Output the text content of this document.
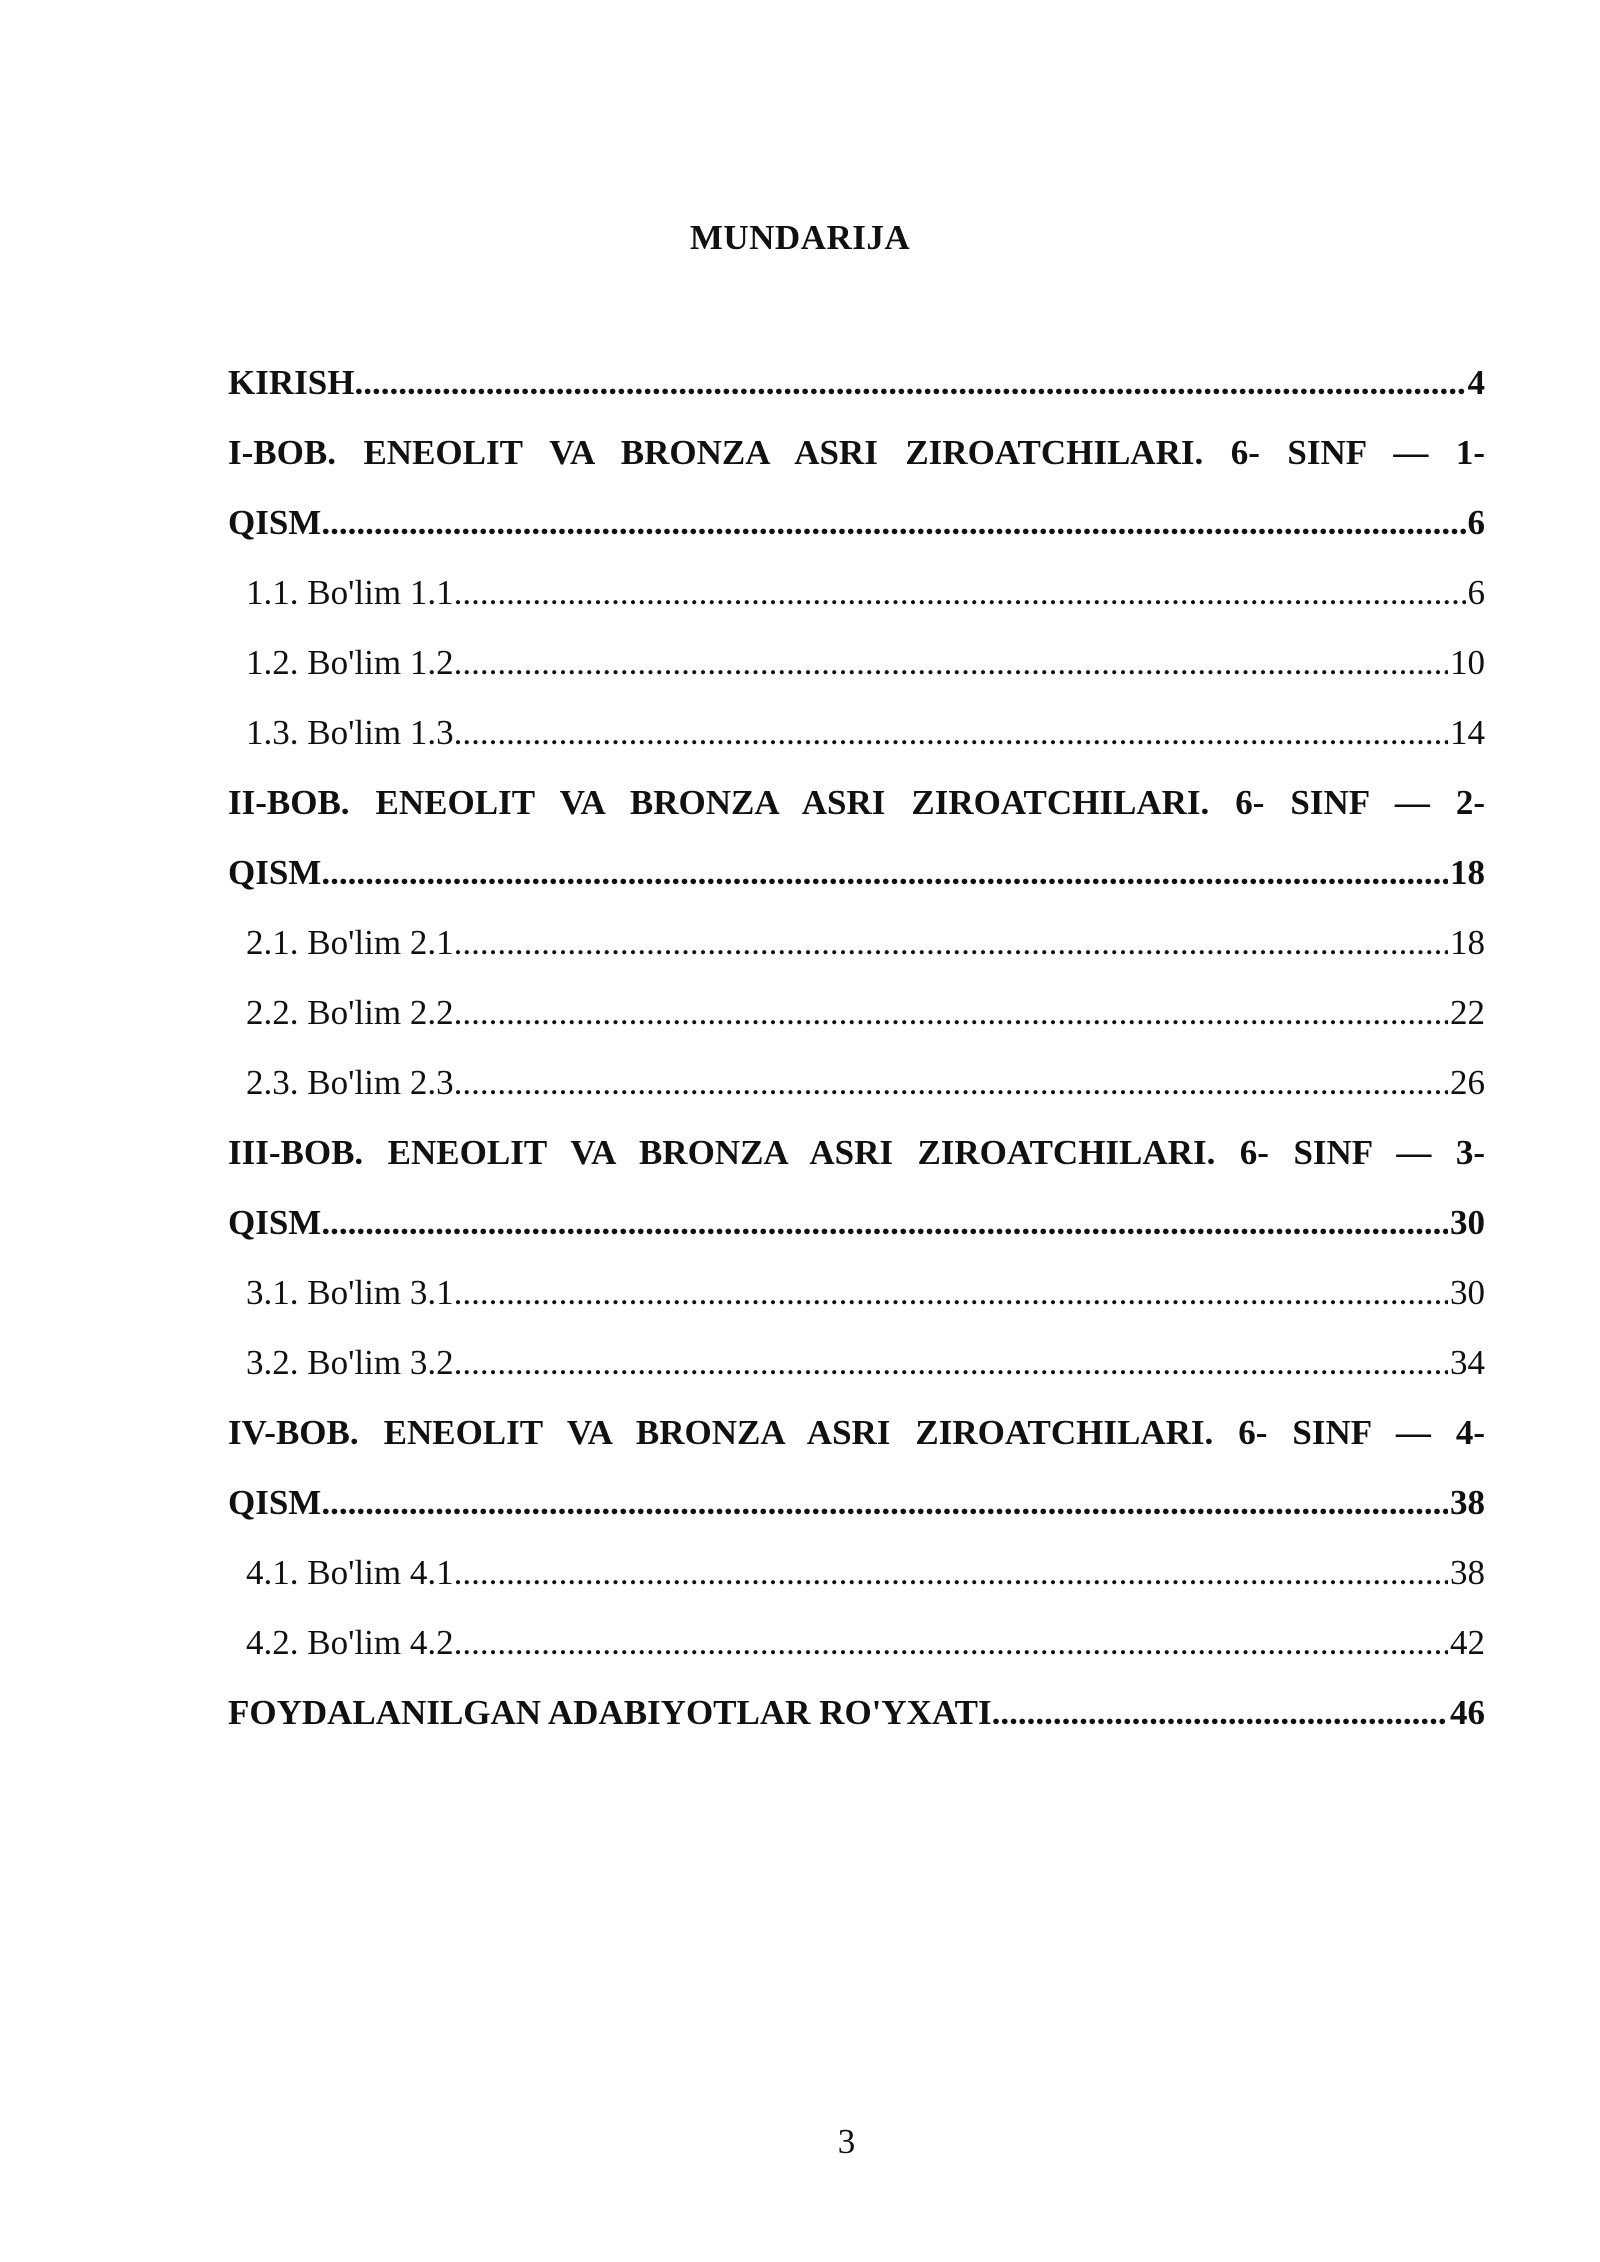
MUNDARIJA
KIRISH .....	4
I-BOB. ENEOLIT VA BRONZA ASRI ZIROATCHILARI. 6- SINF — 1-
QISM .....	6
1.1. Bo'lim 1.1 .....	6
1.2. Bo'lim 1.2 .....	10
1.3. Bo'lim 1.3 .....	14
II-BOB. ENEOLIT VA BRONZA ASRI ZIROATCHILARI. 6- SINF — 2-
QISM .....	18
2.1. Bo'lim 2.1 .....	18
2.2. Bo'lim 2.2 .....	22
2.3. Bo'lim 2.3 .....	26
III-BOB. ENEOLIT VA BRONZA ASRI ZIROATCHILARI. 6- SINF — 3-
QISM .....	30
3.1. Bo'lim 3.1 .....	30
3.2. Bo'lim 3.2 .....	34
IV-BOB. ENEOLIT VA BRONZA ASRI ZIROATCHILARI. 6- SINF — 4-
QISM .....	38
4.1. Bo'lim 4.1 .....	38
4.2. Bo'lim 4.2 .....	42
FOYDALANILGAN ADABIYOTLAR RO'YXATI .....	46
3
